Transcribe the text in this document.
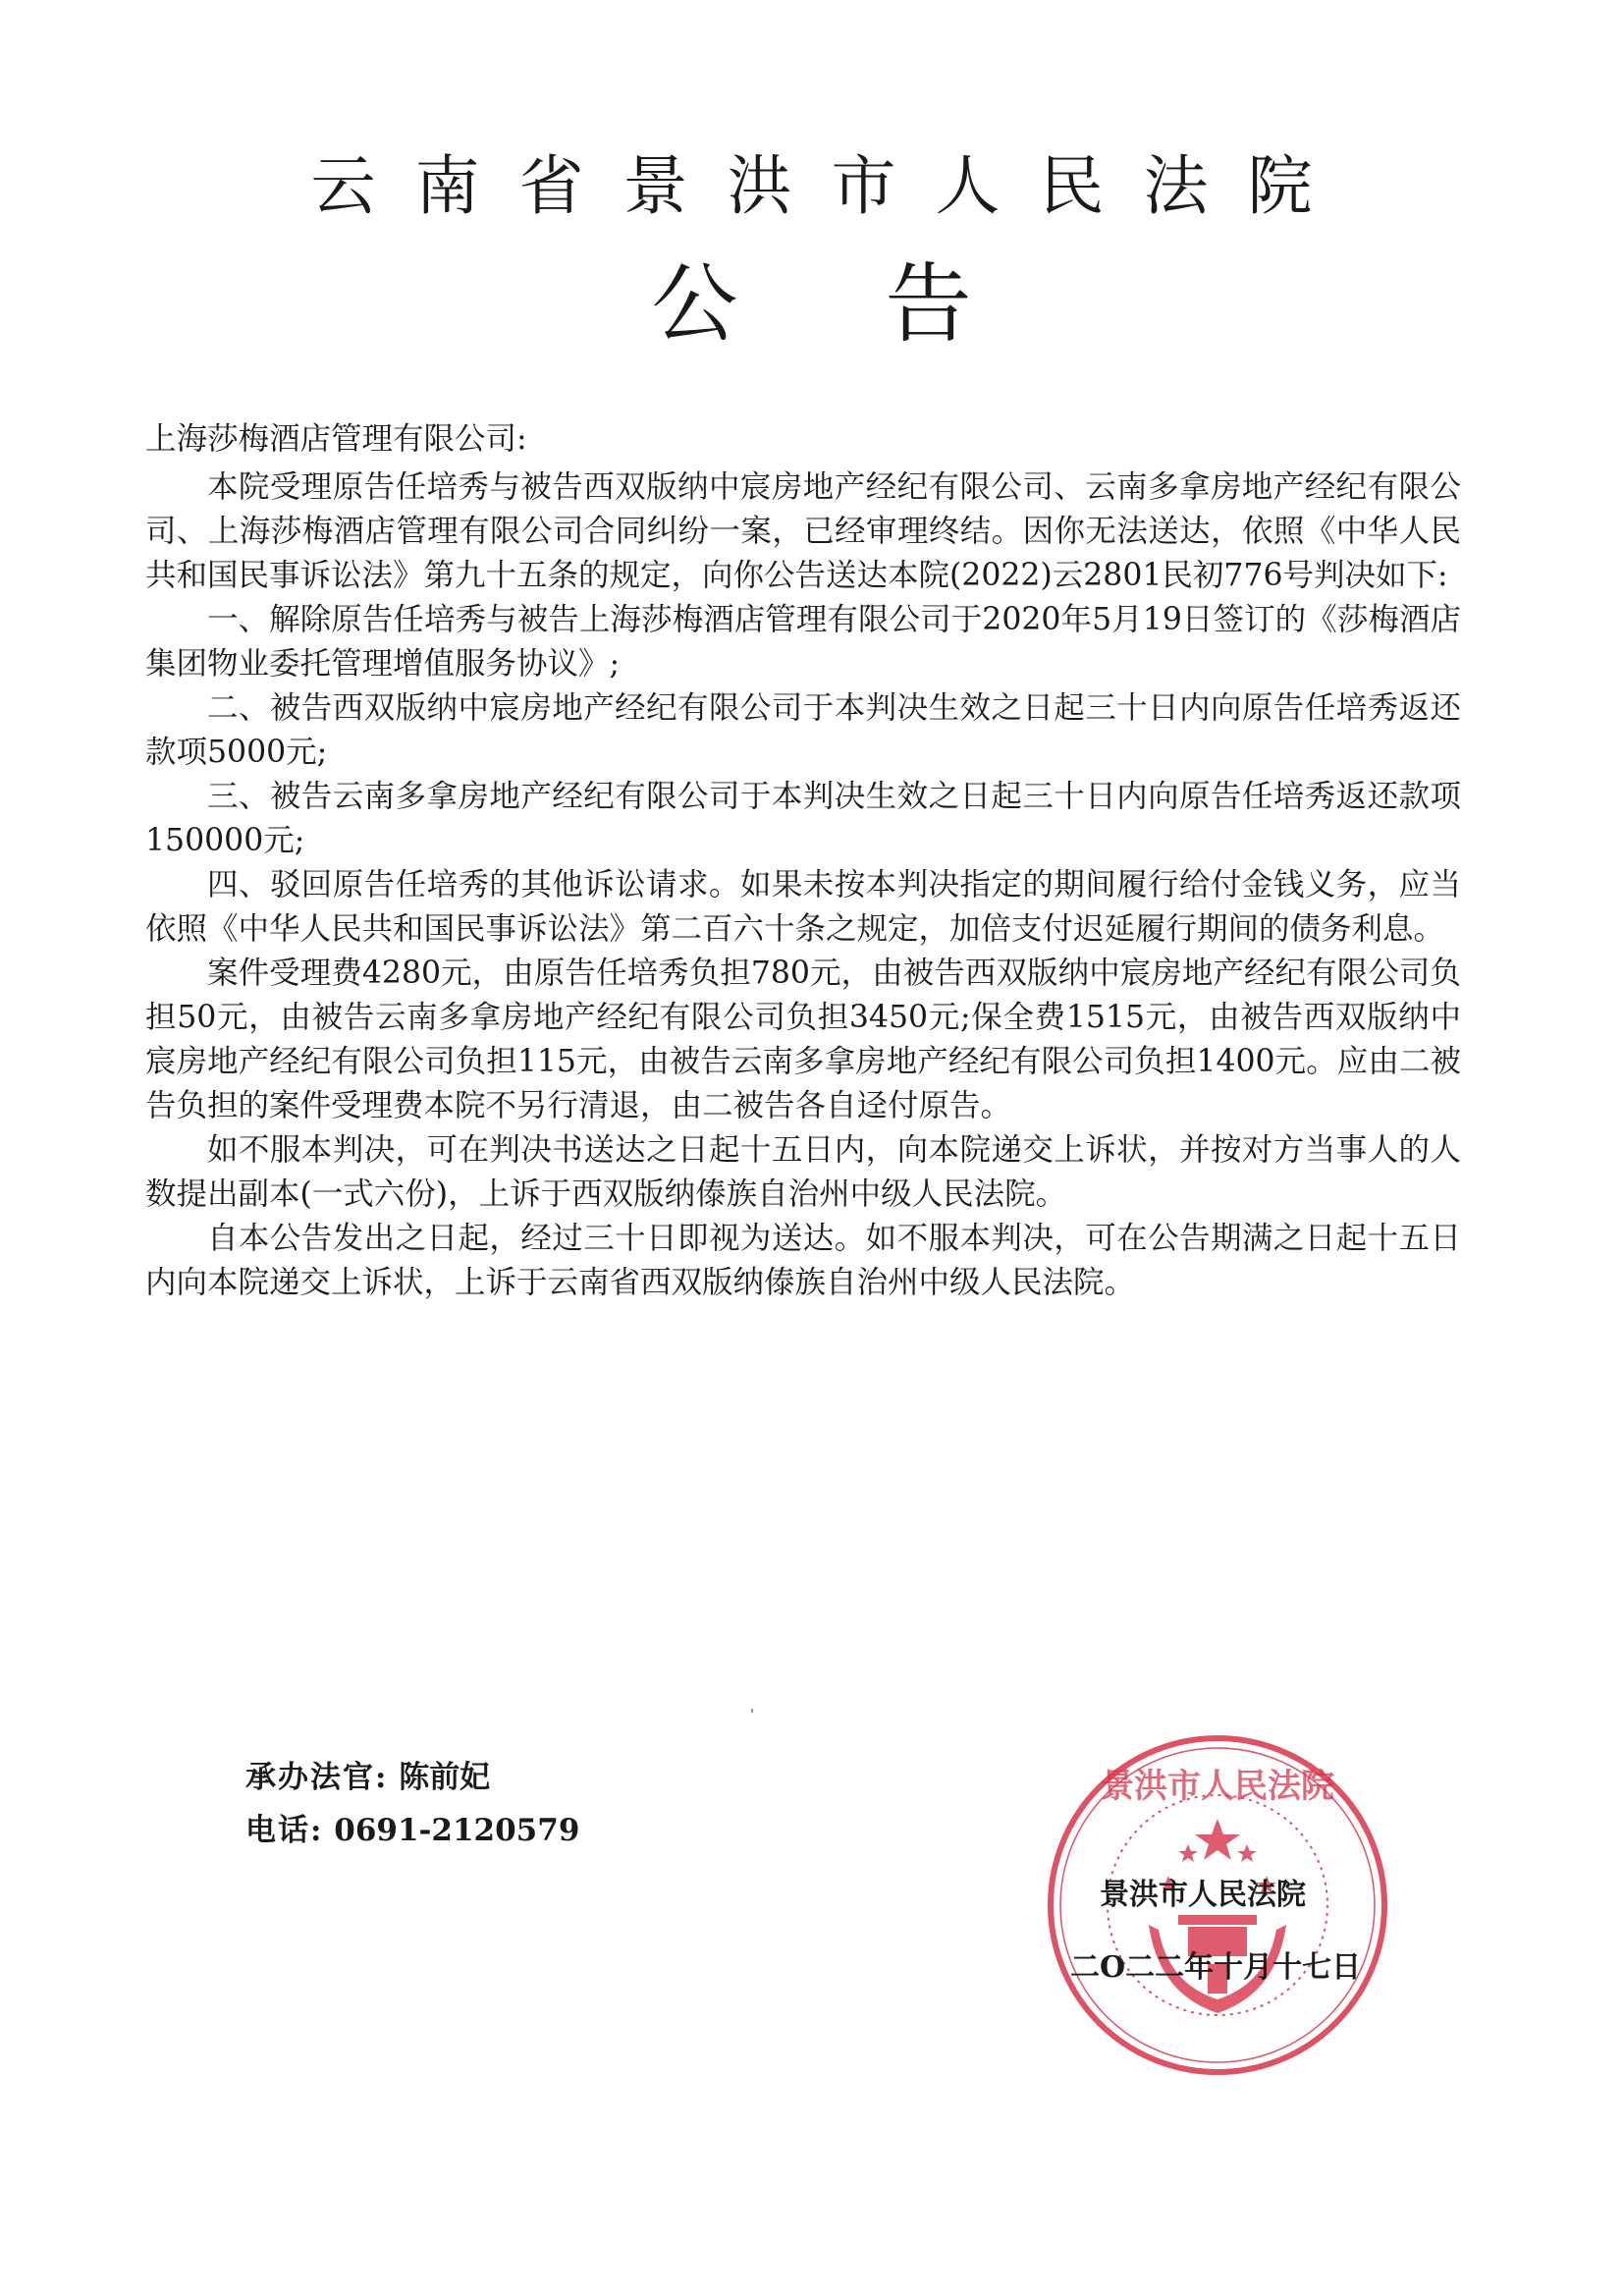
云南省景洪市人民法院
公告

上海莎梅酒店管理有限公司:

本院受理原告任培秀与被告西双版纳中宸房地产经纪有限公司、云南多拿房地产经纪有限公司、上海莎梅酒店管理有限公司合同纠纷一案，已经审理终结。因你无法送达，依照《中华人民共和国民事诉讼法》第九十五条的规定，向你公告送达本院(2022)云2801民初776号判决如下:

一、解除原告任培秀与被告上海莎梅酒店管理有限公司于2020年5月19日签订的《莎梅酒店集团物业委托管理增值服务协议》;

二、被告西双版纳中宸房地产经纪有限公司于本判决生效之日起三十日内向原告任培秀返还款项5000元;

三、被告云南多拿房地产经纪有限公司于本判决生效之日起三十日内向原告任培秀返还款项150000元;

四、驳回原告任培秀的其他诉讼请求。如果未按本判决指定的期间履行给付金钱义务，应当依照《中华人民共和国民事诉讼法》第二百六十条之规定，加倍支付迟延履行期间的债务利息。

案件受理费4280元，由原告任培秀负担780元，由被告西双版纳中宸房地产经纪有限公司负担50元，由被告云南多拿房地产经纪有限公司负担3450元;保全费1515元，由被告西双版纳中宸房地产经纪有限公司负担115元，由被告云南多拿房地产经纪有限公司负担1400元。应由二被告负担的案件受理费本院不另行清退，由二被告各自迳付原告。

如不服本判决，可在判决书送达之日起十五日内，向本院递交上诉状，并按对方当事人的人数提出副本(一式六份)，上诉于西双版纳傣族自治州中级人民法院。

自本公告发出之日起，经过三十日即视为送达。如不服本判决，可在公告期满之日起十五日内向本院递交上诉状，上诉于云南省西双版纳傣族自治州中级人民法院。

承办法官: 陈前妃
电话: 0691-2120579
景洪市人民法院
景洪市人民法院
二O二二年十月十七日
